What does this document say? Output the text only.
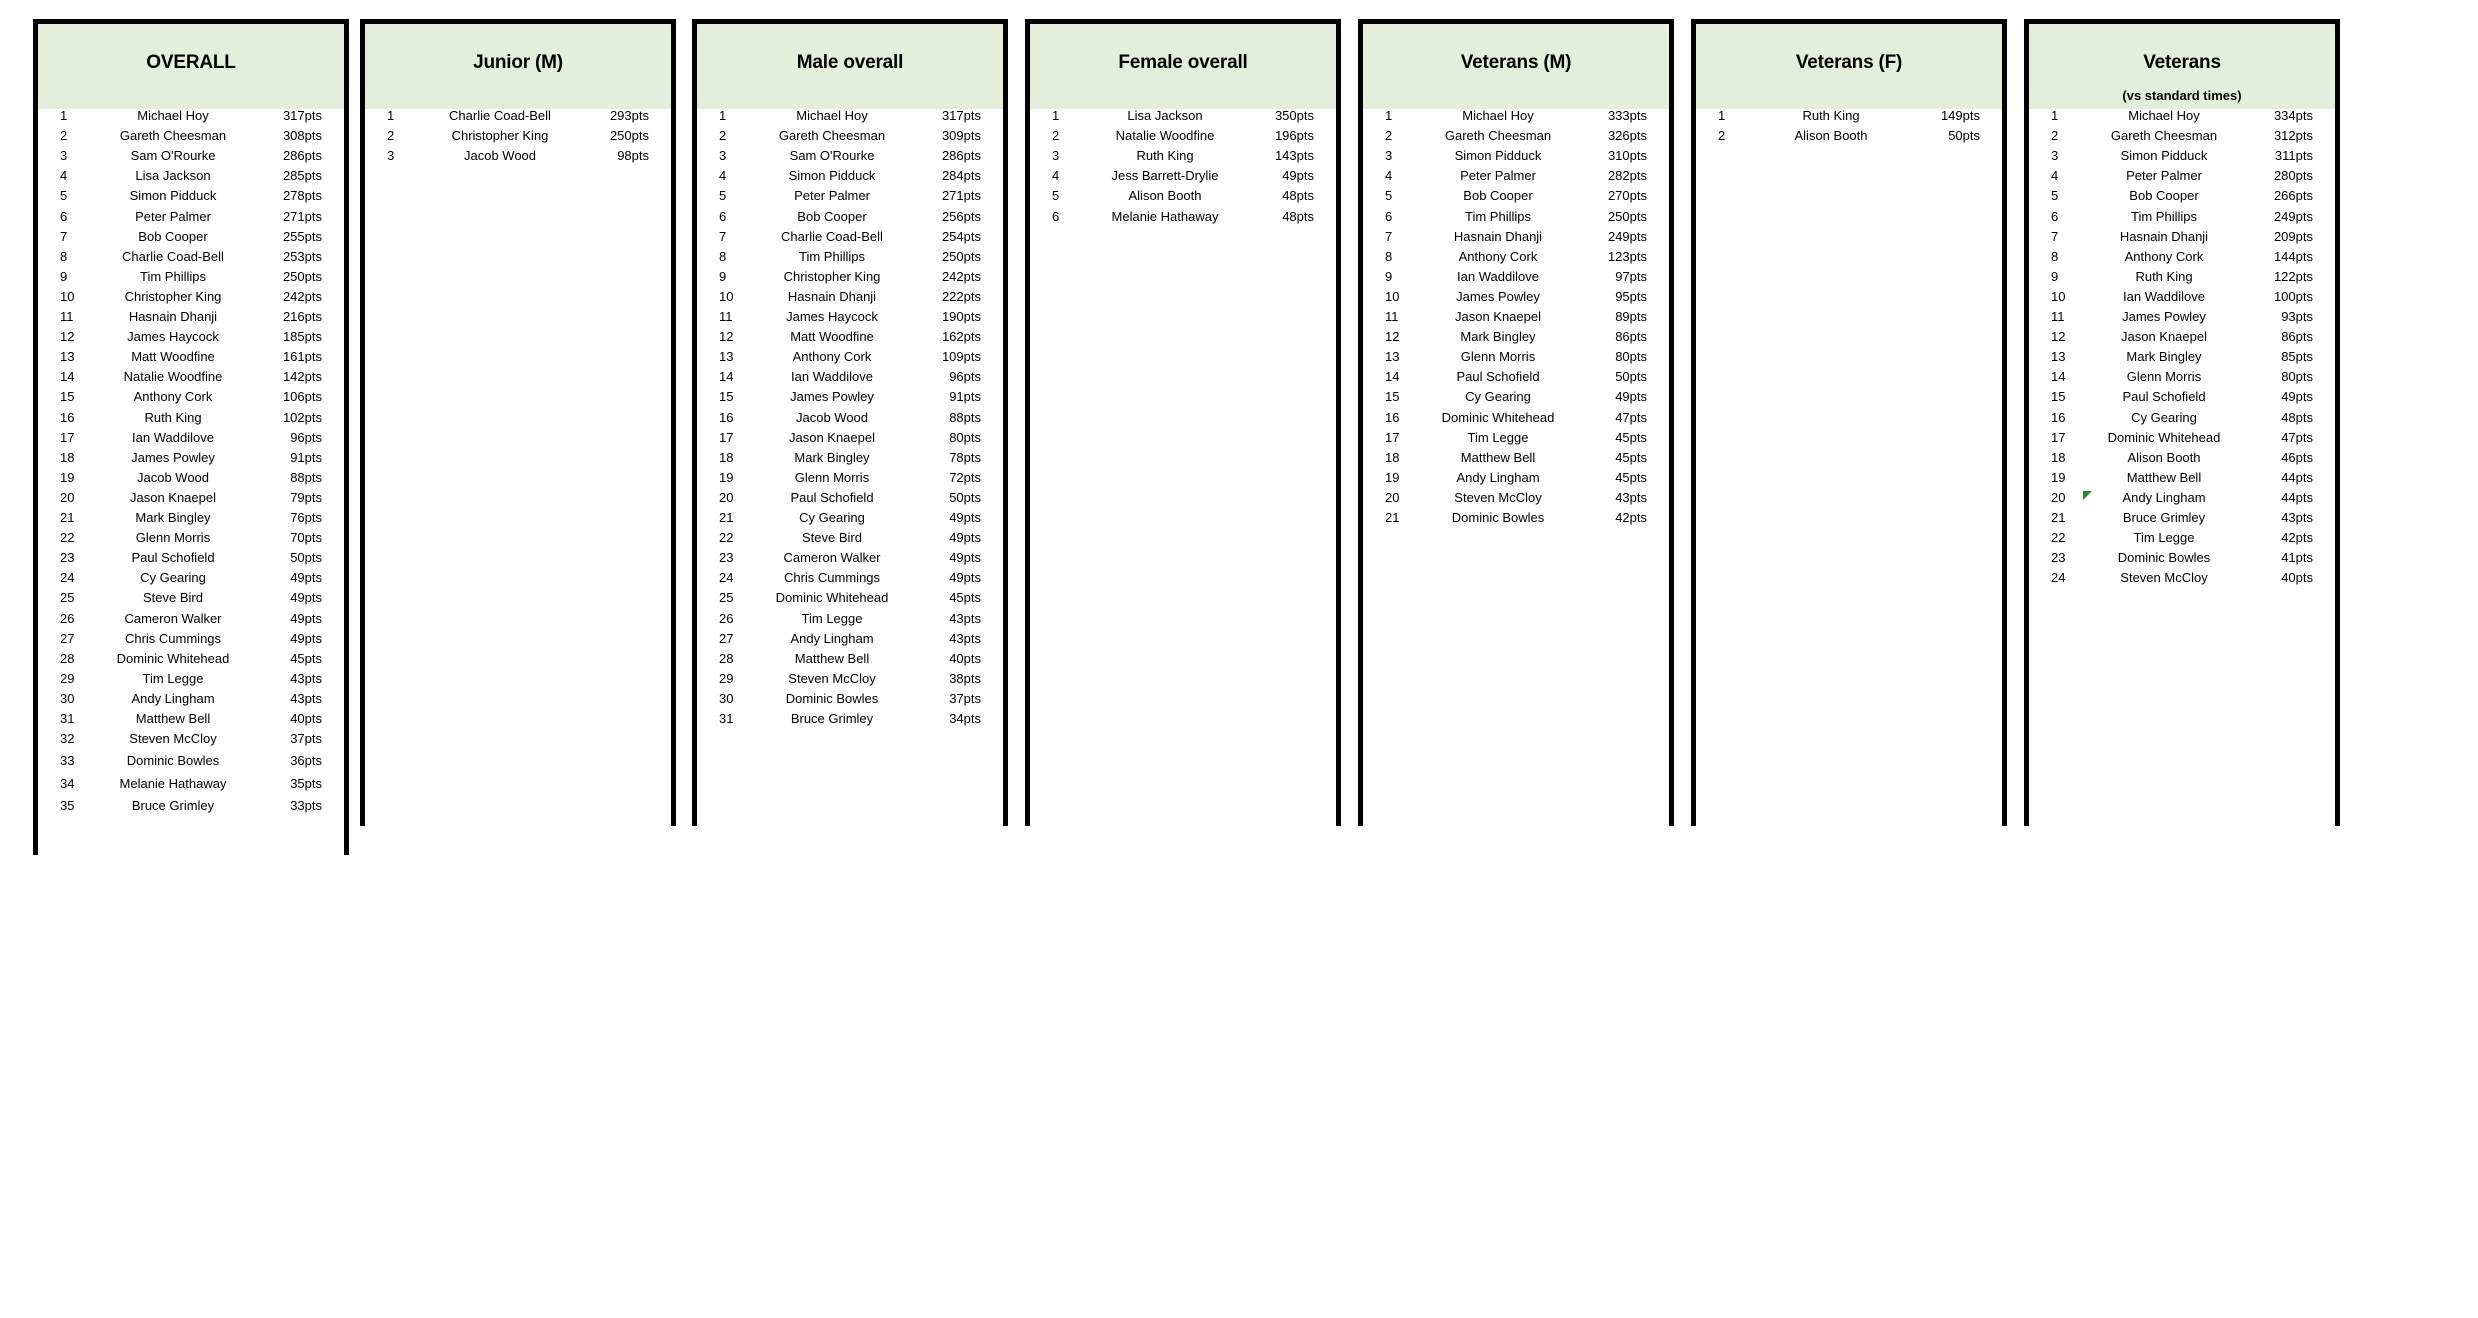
OVERALL
1	Michael Hoy	317pts
2	Gareth Cheesman	308pts
3	Sam O'Rourke	286pts
4	Lisa Jackson	285pts
5	Simon Pidduck	278pts
6	Peter Palmer	271pts
7	Bob Cooper	255pts
8	Charlie Coad-Bell	253pts
9	Tim Phillips	250pts
10	Christopher King	242pts
11	Hasnain Dhanji	216pts
12	James Haycock	185pts
13	Matt Woodfine	161pts
14	Natalie Woodfine	142pts
15	Anthony Cork	106pts
16	Ruth King	102pts
17	Ian Waddilove	96pts
18	James Powley	91pts
19	Jacob Wood	88pts
20	Jason Knaepel	79pts
21	Mark Bingley	76pts
22	Glenn Morris	70pts
23	Paul Schofield	50pts
24	Cy Gearing	49pts
25	Steve Bird	49pts
26	Cameron Walker	49pts
27	Chris Cummings	49pts
28	Dominic Whitehead	45pts
29	Tim Legge	43pts
30	Andy Lingham	43pts
31	Matthew Bell	40pts
32	Steven McCloy	37pts
33	Dominic Bowles	36pts
34	Melanie Hathaway	35pts
35	Bruce Grimley	33pts
Junior (M)
1	Charlie Coad-Bell	293pts
2	Christopher King	250pts
3	Jacob Wood	98pts
Male overall
1	Michael Hoy	317pts
2	Gareth Cheesman	309pts
3	Sam O'Rourke	286pts
4	Simon Pidduck	284pts
5	Peter Palmer	271pts
6	Bob Cooper	256pts
7	Charlie Coad-Bell	254pts
8	Tim Phillips	250pts
9	Christopher King	242pts
10	Hasnain Dhanji	222pts
11	James Haycock	190pts
12	Matt Woodfine	162pts
13	Anthony Cork	109pts
14	Ian Waddilove	96pts
15	James Powley	91pts
16	Jacob Wood	88pts
17	Jason Knaepel	80pts
18	Mark Bingley	78pts
19	Glenn Morris	72pts
20	Paul Schofield	50pts
21	Cy Gearing	49pts
22	Steve Bird	49pts
23	Cameron Walker	49pts
24	Chris Cummings	49pts
25	Dominic Whitehead	45pts
26	Tim Legge	43pts
27	Andy Lingham	43pts
28	Matthew Bell	40pts
29	Steven McCloy	38pts
30	Dominic Bowles	37pts
31	Bruce Grimley	34pts
Female overall
1	Lisa Jackson	350pts
2	Natalie Woodfine	196pts
3	Ruth King	143pts
4	Jess Barrett-Drylie	49pts
5	Alison Booth	48pts
6	Melanie Hathaway	48pts
Veterans (M)
1	Michael Hoy	333pts
2	Gareth Cheesman	326pts
3	Simon Pidduck	310pts
4	Peter Palmer	282pts
5	Bob Cooper	270pts
6	Tim Phillips	250pts
7	Hasnain Dhanji	249pts
8	Anthony Cork	123pts
9	Ian Waddilove	97pts
10	James Powley	95pts
11	Jason Knaepel	89pts
12	Mark Bingley	86pts
13	Glenn Morris	80pts
14	Paul Schofield	50pts
15	Cy Gearing	49pts
16	Dominic Whitehead	47pts
17	Tim Legge	45pts
18	Matthew Bell	45pts
19	Andy Lingham	45pts
20	Steven McCloy	43pts
21	Dominic Bowles	42pts
Veterans (F)
1	Ruth King	149pts
2	Alison Booth	50pts
Veterans
(vs standard times)
1	Michael Hoy	334pts
2	Gareth Cheesman	312pts
3	Simon Pidduck	311pts
4	Peter Palmer	280pts
5	Bob Cooper	266pts
6	Tim Phillips	249pts
7	Hasnain Dhanji	209pts
8	Anthony Cork	144pts
9	Ruth King	122pts
10	Ian Waddilove	100pts
11	James Powley	93pts
12	Jason Knaepel	86pts
13	Mark Bingley	85pts
14	Glenn Morris	80pts
15	Paul Schofield	49pts
16	Cy Gearing	48pts
17	Dominic Whitehead	47pts
18	Alison Booth	46pts
19	Matthew Bell	44pts
20	Andy Lingham	44pts
21	Bruce Grimley	43pts
22	Tim Legge	42pts
23	Dominic Bowles	41pts
24	Steven McCloy	40pts
